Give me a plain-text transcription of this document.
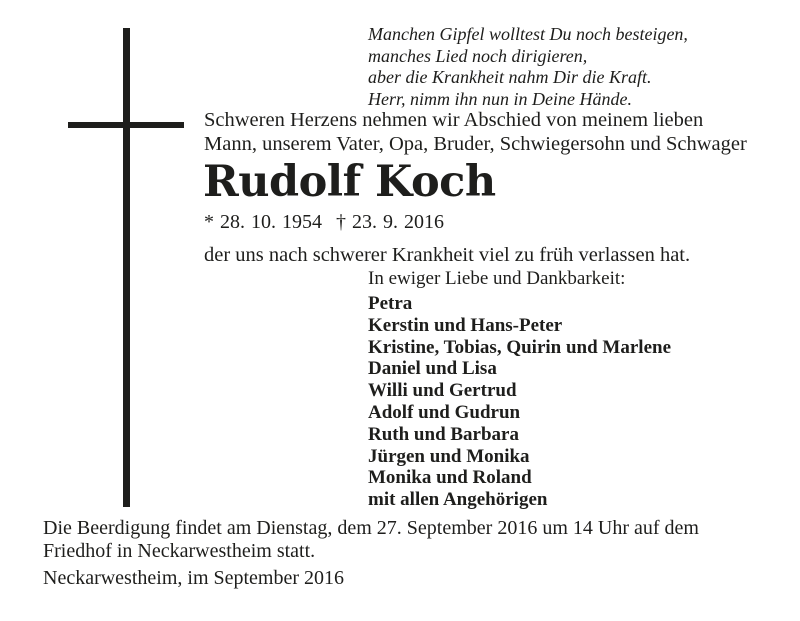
Manchen Gipfel wolltest Du noch besteigen,
manches Lied noch dirigieren,
aber die Krankheit nahm Dir die Kraft.
Herr, nimm ihn nun in Deine Hände.
Schweren Herzens nehmen wir Abschied von meinem lieben
Mann, unserem Vater, Opa, Bruder, Schwiegersohn und Schwager
Rudolf Koch
* 28. 10. 1954 † 23. 9. 2016
der uns nach schwerer Krankheit viel zu früh verlassen hat.
In ewiger Liebe und Dankbarkeit:
Petra
Kerstin und Hans-Peter
Kristine, Tobias, Quirin und Marlene
Daniel und Lisa
Willi und Gertrud
Adolf und Gudrun
Ruth und Barbara
Jürgen und Monika
Monika und Roland
mit allen Angehörigen
Die Beerdigung findet am Dienstag, dem 27. September 2016 um 14 Uhr auf dem
Friedhof in Neckarwestheim statt.
Neckarwestheim, im September 2016
